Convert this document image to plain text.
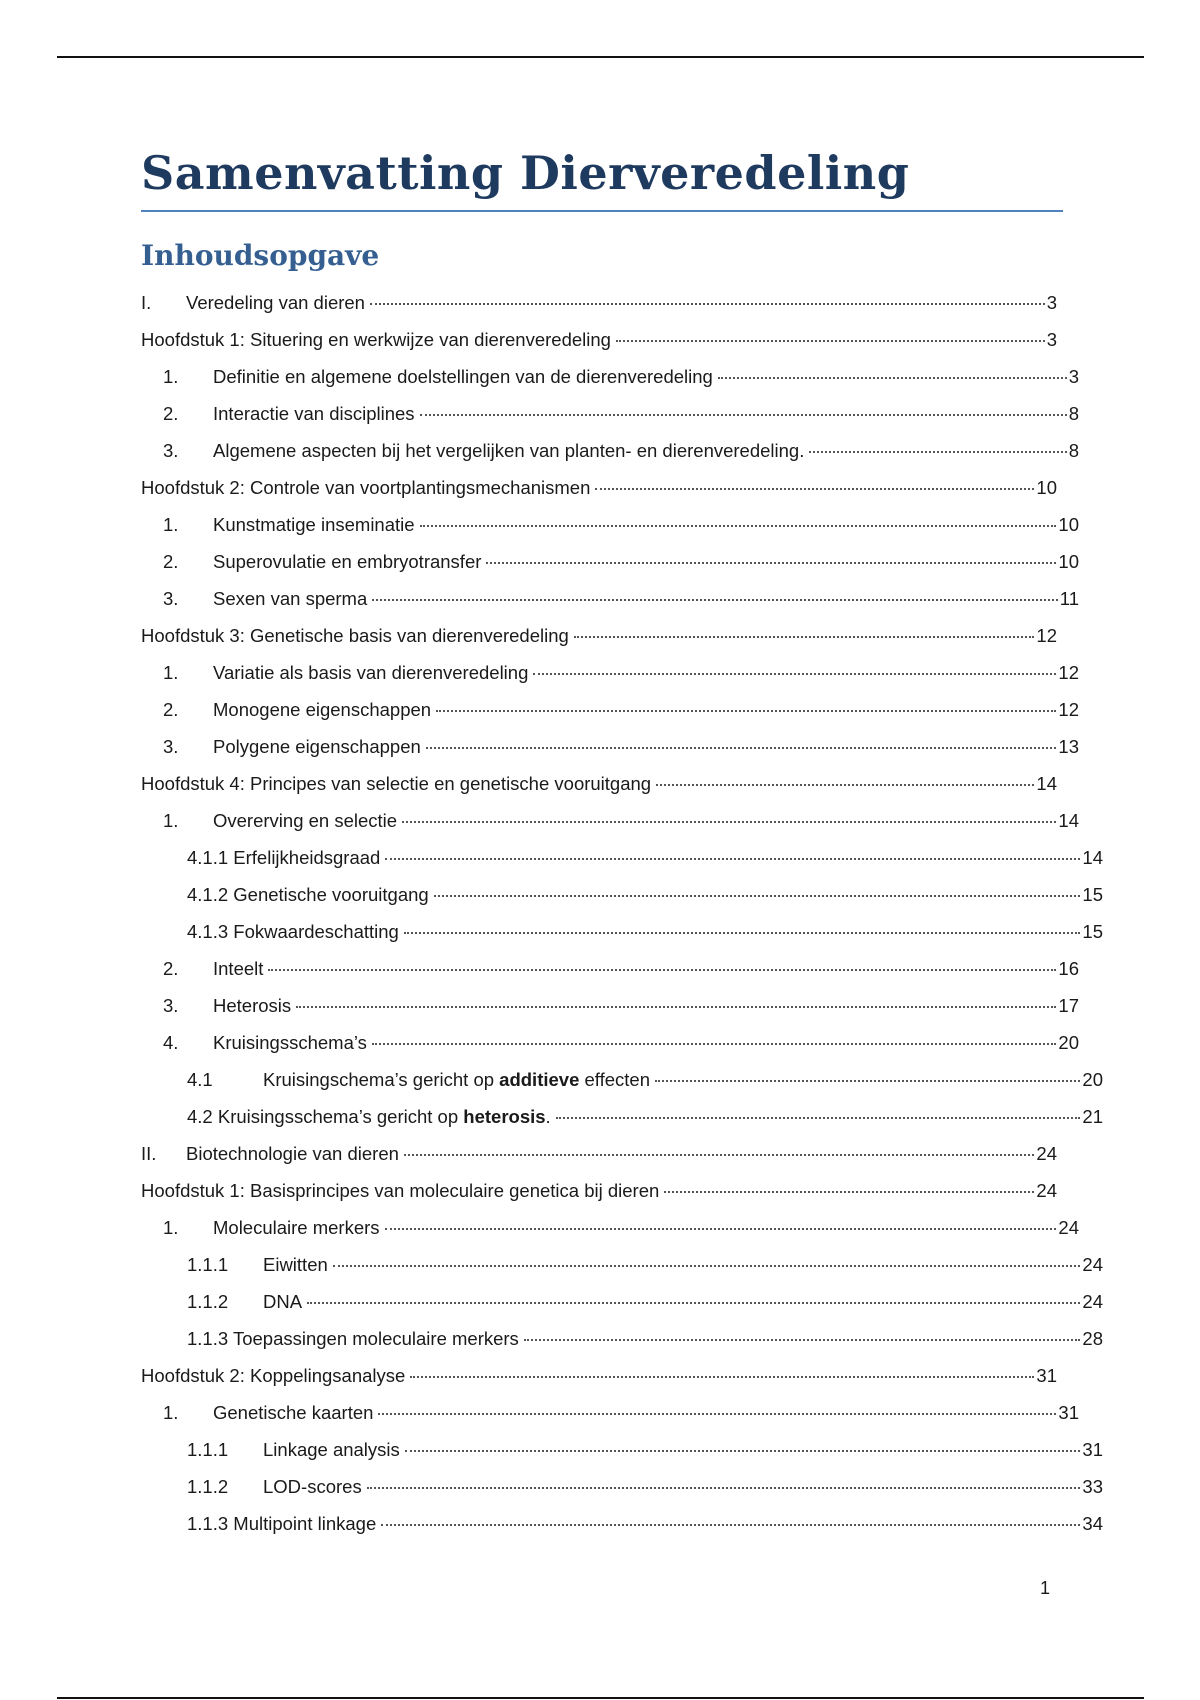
Samenvatting Dierveredeling
Inhoudsopgave
I.	Veredeling van dieren	3
Hoofdstuk 1: Situering en werkwijze van dierenveredeling	3
1.	Definitie en algemene doelstellingen van de dierenveredeling	3
2.	Interactie van disciplines	8
3.	Algemene aspecten bij het vergelijken van planten- en dierenveredeling.	8
Hoofdstuk 2: Controle van voortplantingsmechanismen	10
1.	Kunstmatige inseminatie	10
2.	Superovulatie en embryotransfer	10
3.	Sexen van sperma	11
Hoofdstuk 3: Genetische basis van dierenveredeling	12
1.	Variatie als basis van dierenveredeling	12
2.	Monogene eigenschappen	12
3.	Polygene eigenschappen	13
Hoofdstuk 4: Principes van selectie en genetische vooruitgang	14
1.	Overerving en selectie	14
4.1.1 Erfelijkheidsgraad	14
4.1.2 Genetische vooruitgang	15
4.1.3 Fokwaardeschatting	15
2.	Inteelt	16
3.	Heterosis	17
4.	Kruisingsschema’s	20
4.1	Kruisingschema’s gericht op additieve effecten	20
4.2 Kruisingsschema’s gericht op heterosis.	21
II.	Biotechnologie van dieren	24
Hoofdstuk 1: Basisprincipes van moleculaire genetica bij dieren	24
1.	Moleculaire merkers	24
1.1.1	Eiwitten	24
1.1.2	DNA	24
1.1.3 Toepassingen moleculaire merkers	28
Hoofdstuk 2: Koppelingsanalyse	31
1.	Genetische kaarten	31
1.1.1	Linkage analysis	31
1.1.2	LOD-scores	33
1.1.3 Multipoint linkage	34
1
